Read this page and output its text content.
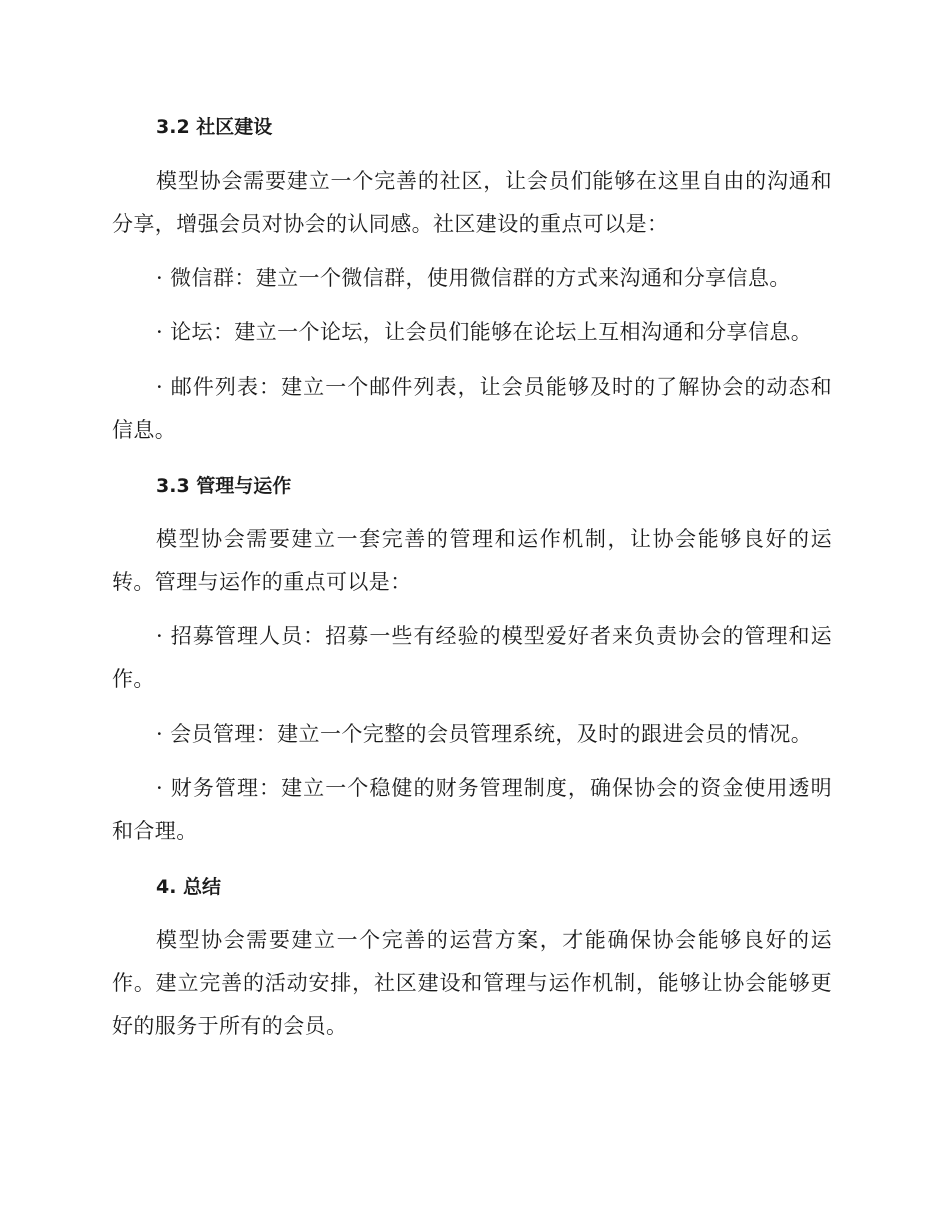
3.2 社区建设
模型协会需要建立一个完善的社区，让会员们能够在这里自由的沟通和分享，增强会员对协会的认同感。社区建设的重点可以是：
· 微信群：建立一个微信群，使用微信群的方式来沟通和分享信息。
· 论坛：建立一个论坛，让会员们能够在论坛上互相沟通和分享信息。
· 邮件列表：建立一个邮件列表，让会员能够及时的了解协会的动态和信息。
3.3 管理与运作
模型协会需要建立一套完善的管理和运作机制，让协会能够良好的运转。管理与运作的重点可以是：
· 招募管理人员：招募一些有经验的模型爱好者来负责协会的管理和运作。
· 会员管理：建立一个完整的会员管理系统，及时的跟进会员的情况。
· 财务管理：建立一个稳健的财务管理制度，确保协会的资金使用透明和合理。
4. 总结
模型协会需要建立一个完善的运营方案，才能确保协会能够良好的运作。建立完善的活动安排，社区建设和管理与运作机制，能够让协会能够更好的服务于所有的会员。
